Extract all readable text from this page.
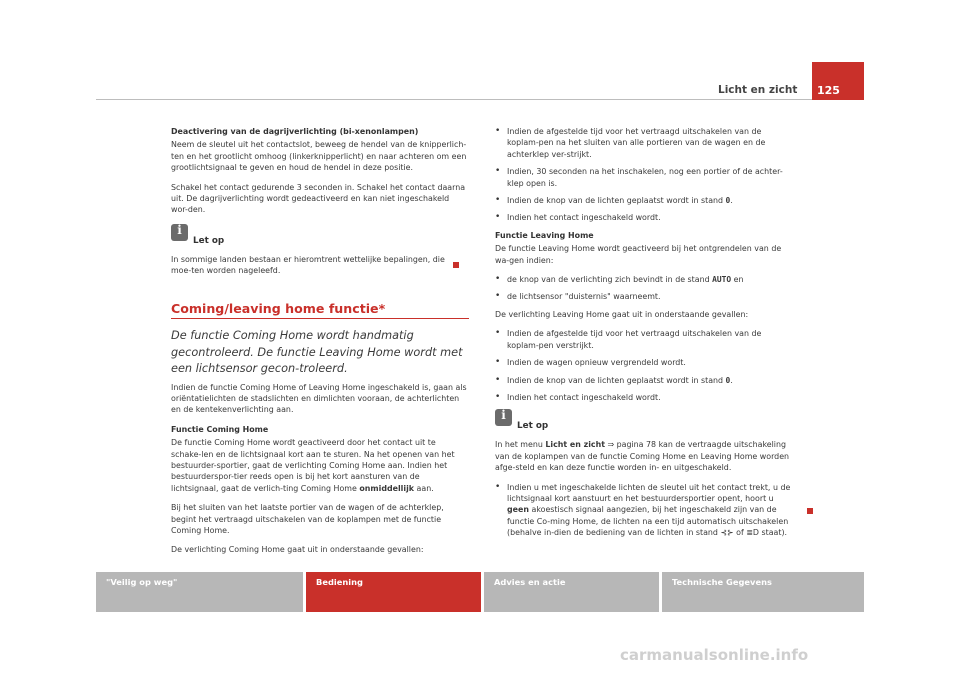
Licht en zicht 125

Deactivering van de dagrijverlichting (bi-xenonlampen)

Neem de sleutel uit het contactslot, beweeg de hendel van de knipperlich-ten en het grootlicht omhoog (linkerknipperlicht) en naar achteren om een grootlichtsignaal te geven en houd de hendel in deze positie.

Schakel het contact gedurende 3 seconden in. Schakel het contact daarna uit. De dagrijverlichting wordt gedeactiveerd en kan niet ingeschakeld wor-den.

i
Let op

In sommige landen bestaan er hieromtrent wettelijke bepalingen, die moe-ten worden nageleefd.

Coming/leaving home functie*
De functie Coming Home wordt handmatig gecontroleerd. De functie Leaving Home wordt met een lichtsensor gecon-troleerd.

Indien de functie Coming Home of Leaving Home ingeschakeld is, gaan als oriëntatielichten de stadslichten en dimlichten vooraan, de achterlichten en de kentekenverlichting aan.

Functie Coming Home

De functie Coming Home wordt geactiveerd door het contact uit te schake-len en de lichtsignaal kort aan te sturen. Na het openen van het bestuurder-sportier, gaat de verlichting Coming Home aan. Indien het bestuurderspor-tier reeds open is bij het kort aansturen van de lichtsignaal, gaat de verlich-ting Coming Home onmiddellijk aan.

Bij het sluiten van het laatste portier van de wagen of de achterklep, begint het vertraagd uitschakelen van de koplampen met de functie Coming Home.

De verlichting Coming Home gaat uit in onderstaande gevallen:

• Indien de afgestelde tijd voor het vertraagd uitschakelen van de koplam-pen na het sluiten van alle portieren van de wagen en de achterklep ver-strijkt.
• Indien, 30 seconden na het inschakelen, nog een portier of de achter-klep open is.
• Indien de knop van de lichten geplaatst wordt in stand 0.
• Indien het contact ingeschakeld wordt.

Functie Leaving Home

De functie Leaving Home wordt geactiveerd bij het ontgrendelen van de wa-gen indien:

• de knop van de verlichting zich bevindt in de stand AUTO en
• de lichtsensor "duisternis" waarneemt.

De verlichting Leaving Home gaat uit in onderstaande gevallen:

• Indien de afgestelde tijd voor het vertraagd uitschakelen van de koplam-pen verstrijkt.
• Indien de wagen opnieuw vergrendeld wordt.
• Indien de knop van de lichten geplaatst wordt in stand 0.
• Indien het contact ingeschakeld wordt.
i
Let op

In het menu Licht en zicht ⇒ pagina 78 kan de vertraagde uitschakeling van de koplampen van de functie Coming Home en Leaving Home worden afge-steld en kan deze functie worden in- en uitgeschakeld.

• Indien u met ingeschakelde lichten de sleutel uit het contact trekt, u de lichtsignaal kort aanstuurt en het bestuurdersportier opent, hoort u geen akoestisch signaal aangezien, bij het ingeschakeld zijn van de functie Co-ming Home, de lichten na een tijd automatisch uitschakelen (behalve in-dien de bediening van de lichten in stand ⊰⊱ of ≣D staat).
"Veilig op weg"	Bediening	Advies en actie	Technische Gegevens
carmanualsonline.info
